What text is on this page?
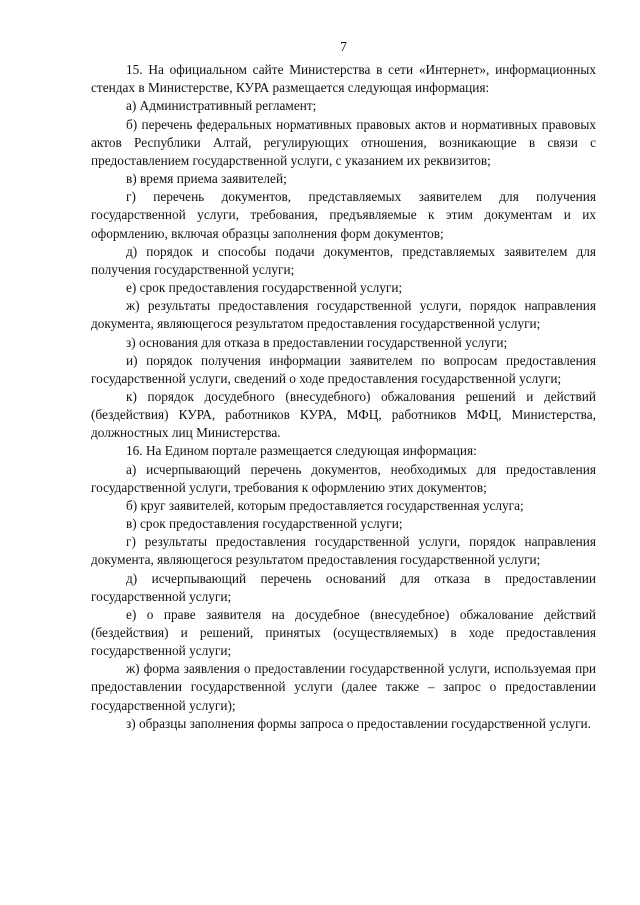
7

15. На официальном сайте Министерства в сети «Интернет», информационных стендах в Министерстве, КУРА размещается следующая информация:

а) Административный регламент;

б) перечень федеральных нормативных правовых актов и нормативных правовых актов Республики Алтай, регулирующих отношения, возникающие в связи с предоставлением государственной услуги, с указанием их реквизитов;

в) время приема заявителей;

г) перечень документов, представляемых заявителем для получения государственной услуги, требования, предъявляемые к этим документам и их оформлению, включая образцы заполнения форм документов;

д) порядок и способы подачи документов, представляемых заявителем для получения государственной услуги;

е) срок предоставления государственной услуги;

ж) результаты предоставления государственной услуги, порядок направления документа, являющегося результатом предоставления государственной услуги;

з) основания для отказа в предоставлении государственной услуги;

и) порядок получения информации заявителем по вопросам предоставления государственной услуги, сведений о ходе предоставления государственной услуги;

к) порядок досудебного (внесудебного) обжалования решений и действий (бездействия) КУРА, работников КУРА, МФЦ, работников МФЦ, Министерства, должностных лиц Министерства.

16. На Едином портале размещается следующая информация:

а) исчерпывающий перечень документов, необходимых для предоставления государственной услуги, требования к оформлению этих документов;

б) круг заявителей, которым предоставляется государственная услуга;

в) срок предоставления государственной услуги;

г) результаты предоставления государственной услуги, порядок направления документа, являющегося результатом предоставления государственной услуги;

д) исчерпывающий перечень оснований для отказа в предоставлении государственной услуги;

е) о праве заявителя на досудебное (внесудебное) обжалование действий (бездействия) и решений, принятых (осуществляемых) в ходе предоставления государственной услуги;

ж) форма заявления о предоставлении государственной услуги, используемая при предоставлении государственной услуги (далее также – запрос о предоставлении государственной услуги);

з) образцы заполнения формы запроса о предоставлении государственной услуги.
